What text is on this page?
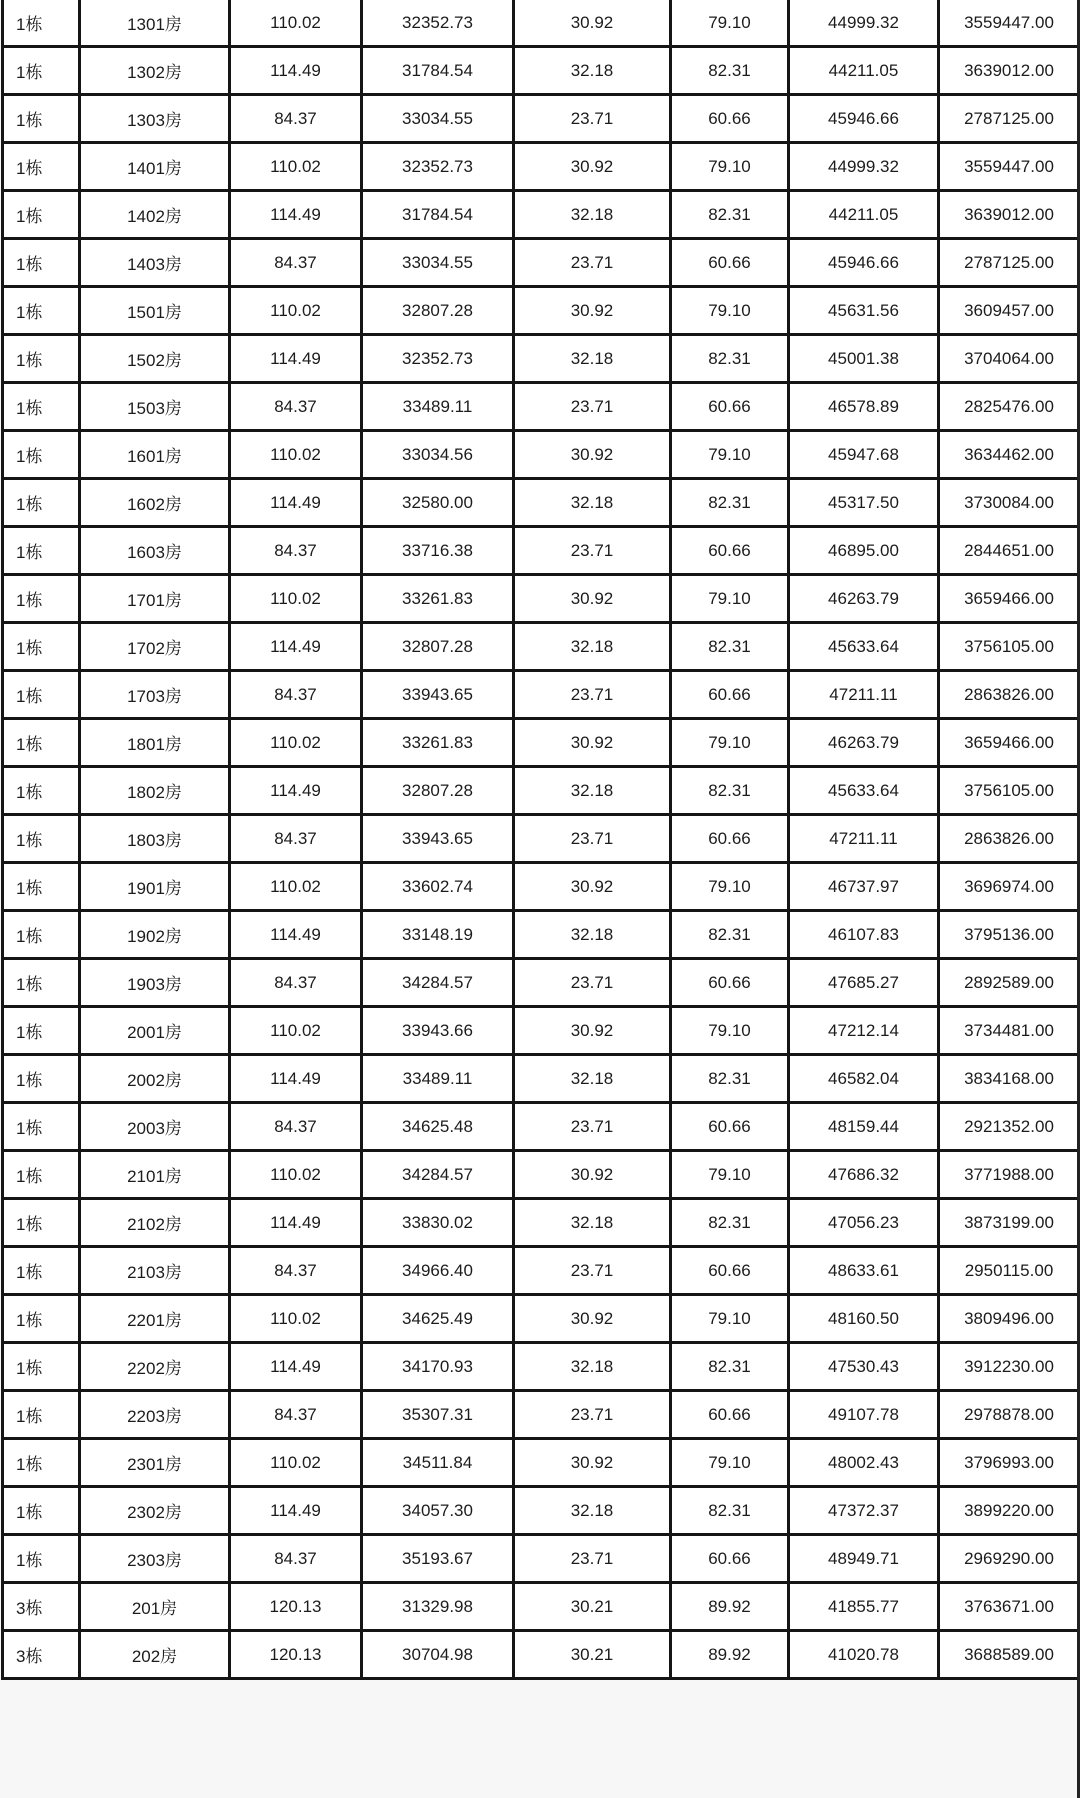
1栋	1301房	110.02	32352.73	30.92	79.10	44999.32	3559447.00
1栋	1302房	114.49	31784.54	32.18	82.31	44211.05	3639012.00
1栋	1303房	84.37	33034.55	23.71	60.66	45946.66	2787125.00
1栋	1401房	110.02	32352.73	30.92	79.10	44999.32	3559447.00
1栋	1402房	114.49	31784.54	32.18	82.31	44211.05	3639012.00
1栋	1403房	84.37	33034.55	23.71	60.66	45946.66	2787125.00
1栋	1501房	110.02	32807.28	30.92	79.10	45631.56	3609457.00
1栋	1502房	114.49	32352.73	32.18	82.31	45001.38	3704064.00
1栋	1503房	84.37	33489.11	23.71	60.66	46578.89	2825476.00
1栋	1601房	110.02	33034.56	30.92	79.10	45947.68	3634462.00
1栋	1602房	114.49	32580.00	32.18	82.31	45317.50	3730084.00
1栋	1603房	84.37	33716.38	23.71	60.66	46895.00	2844651.00
1栋	1701房	110.02	33261.83	30.92	79.10	46263.79	3659466.00
1栋	1702房	114.49	32807.28	32.18	82.31	45633.64	3756105.00
1栋	1703房	84.37	33943.65	23.71	60.66	47211.11	2863826.00
1栋	1801房	110.02	33261.83	30.92	79.10	46263.79	3659466.00
1栋	1802房	114.49	32807.28	32.18	82.31	45633.64	3756105.00
1栋	1803房	84.37	33943.65	23.71	60.66	47211.11	2863826.00
1栋	1901房	110.02	33602.74	30.92	79.10	46737.97	3696974.00
1栋	1902房	114.49	33148.19	32.18	82.31	46107.83	3795136.00
1栋	1903房	84.37	34284.57	23.71	60.66	47685.27	2892589.00
1栋	2001房	110.02	33943.66	30.92	79.10	47212.14	3734481.00
1栋	2002房	114.49	33489.11	32.18	82.31	46582.04	3834168.00
1栋	2003房	84.37	34625.48	23.71	60.66	48159.44	2921352.00
1栋	2101房	110.02	34284.57	30.92	79.10	47686.32	3771988.00
1栋	2102房	114.49	33830.02	32.18	82.31	47056.23	3873199.00
1栋	2103房	84.37	34966.40	23.71	60.66	48633.61	2950115.00
1栋	2201房	110.02	34625.49	30.92	79.10	48160.50	3809496.00
1栋	2202房	114.49	34170.93	32.18	82.31	47530.43	3912230.00
1栋	2203房	84.37	35307.31	23.71	60.66	49107.78	2978878.00
1栋	2301房	110.02	34511.84	30.92	79.10	48002.43	3796993.00
1栋	2302房	114.49	34057.30	32.18	82.31	47372.37	3899220.00
1栋	2303房	84.37	35193.67	23.71	60.66	48949.71	2969290.00
3栋	201房	120.13	31329.98	30.21	89.92	41855.77	3763671.00
3栋	202房	120.13	30704.98	30.21	89.92	41020.78	3688589.00
